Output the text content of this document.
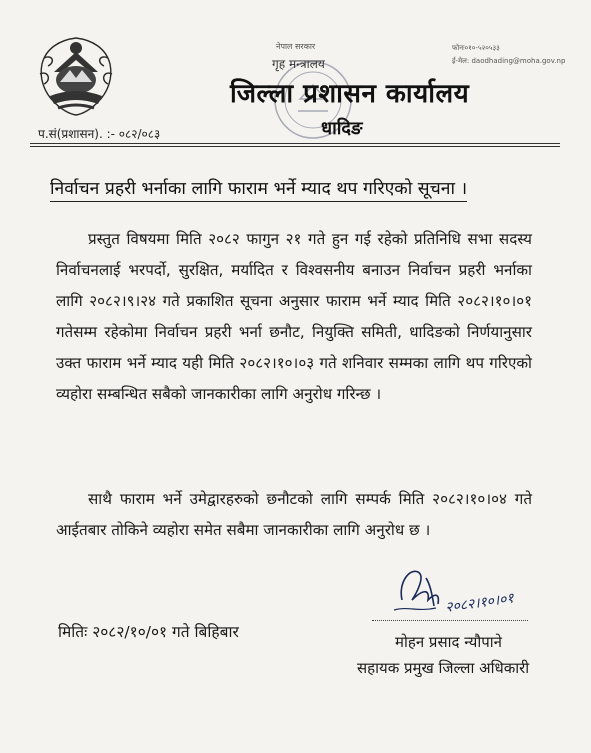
नेपाल सरकार
गृह मन्त्रालय
जिल्ला प्रशासन कार्यालय
धादिङ
फोनः०१०-५२०५३३
ई-मेल: daodhading@moha.gov.np
प.सं(प्रशासन). :- ०८२/०८३
निर्वाचन प्रहरी भर्नाका लागि फाराम भर्ने म्याद थप गरिएको सूचना ।
प्रस्तुत विषयमा मिति २०८२ फागुन २१ गते हुन गई रहेको प्रतिनिधि सभा सदस्य निर्वाचनलाई भरपर्दो, सुरक्षित, मर्यादित र विश्वसनीय बनाउन निर्वाचन प्रहरी भर्नाका लागि २०८२।९।२४ गते प्रकाशित सूचना अनुसार फाराम भर्ने म्याद मिति २०८२।१०।०१ गतेसम्म रहेकोमा निर्वाचन प्रहरी भर्ना छनौट, नियुक्ति समिती, धादिङको निर्णयानुसार उक्त फाराम भर्ने म्याद यही मिति २०८२।१०।०३ गते शनिवार सम्मका लागि थप गरिएको व्यहोरा सम्बन्धित सबैको जानकारीका लागि अनुरोध गरिन्छ ।
साथै फाराम भर्ने उमेद्वारहरुको छनौटको लागि सम्पर्क मिति २०८२।१०।०४ गते आईतबार तोकिने व्यहोरा समेत सबैमा जानकारीका लागि अनुरोध छ ।
मितिः २०८२/१०/०१ गते बिहिबार
२०८२।१०।०१
मोहन प्रसाद न्यौपाने
सहायक प्रमुख जिल्ला अधिकारी
